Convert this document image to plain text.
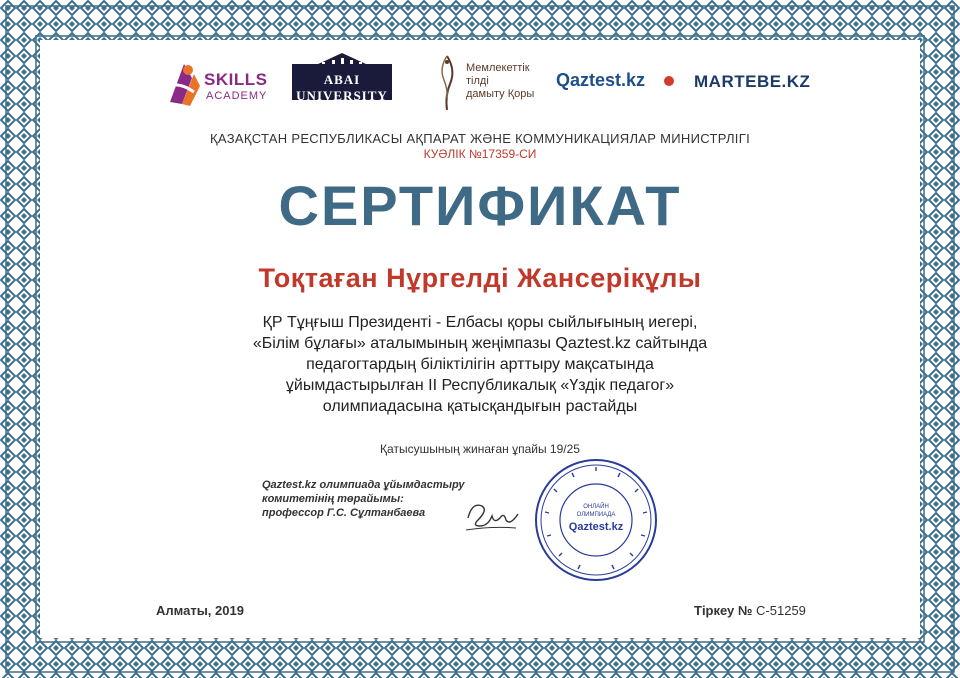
SKILLS
ACADEMY
ABAI UNIVERSITY
Мемлекеттік
тілді
дамыту Қоры
Qaztest.kz	MARTEBE.KZ
ҚАЗАҚСТАН РЕСПУБЛИКАСЫ АҚПАРАТ ЖӘНЕ КОММУНИКАЦИЯЛАР МИНИСТРЛІГІ
КУӘЛІК №17359-СИ
СЕРТИФИКАТ
Тоқтаған Нұргелді Жансерікұлы
ҚР Тұңғыш Президенті - Елбасы қоры сыйлығының иегері,
«Білім бұлағы» аталымының жеңімпазы Qaztest.kz сайтында
педагогтардың біліктілігін арттыру мақсатында
ұйымдастырылған ІІ Республикалық «Үздік педагог»
олимпиадасына қатысқандығын растайды
Қатысушының жинаған ұпайы 19/25
Qaztest.kz олимпиада ұйымдастыру
комитетінің төрайымы:
профессор Г.С. Сұлтанбаева	ОНЛАЙН
ОЛИМПИАДА
Qaztest.kz
Алматы, 2019	Тіркеу № С-51259
